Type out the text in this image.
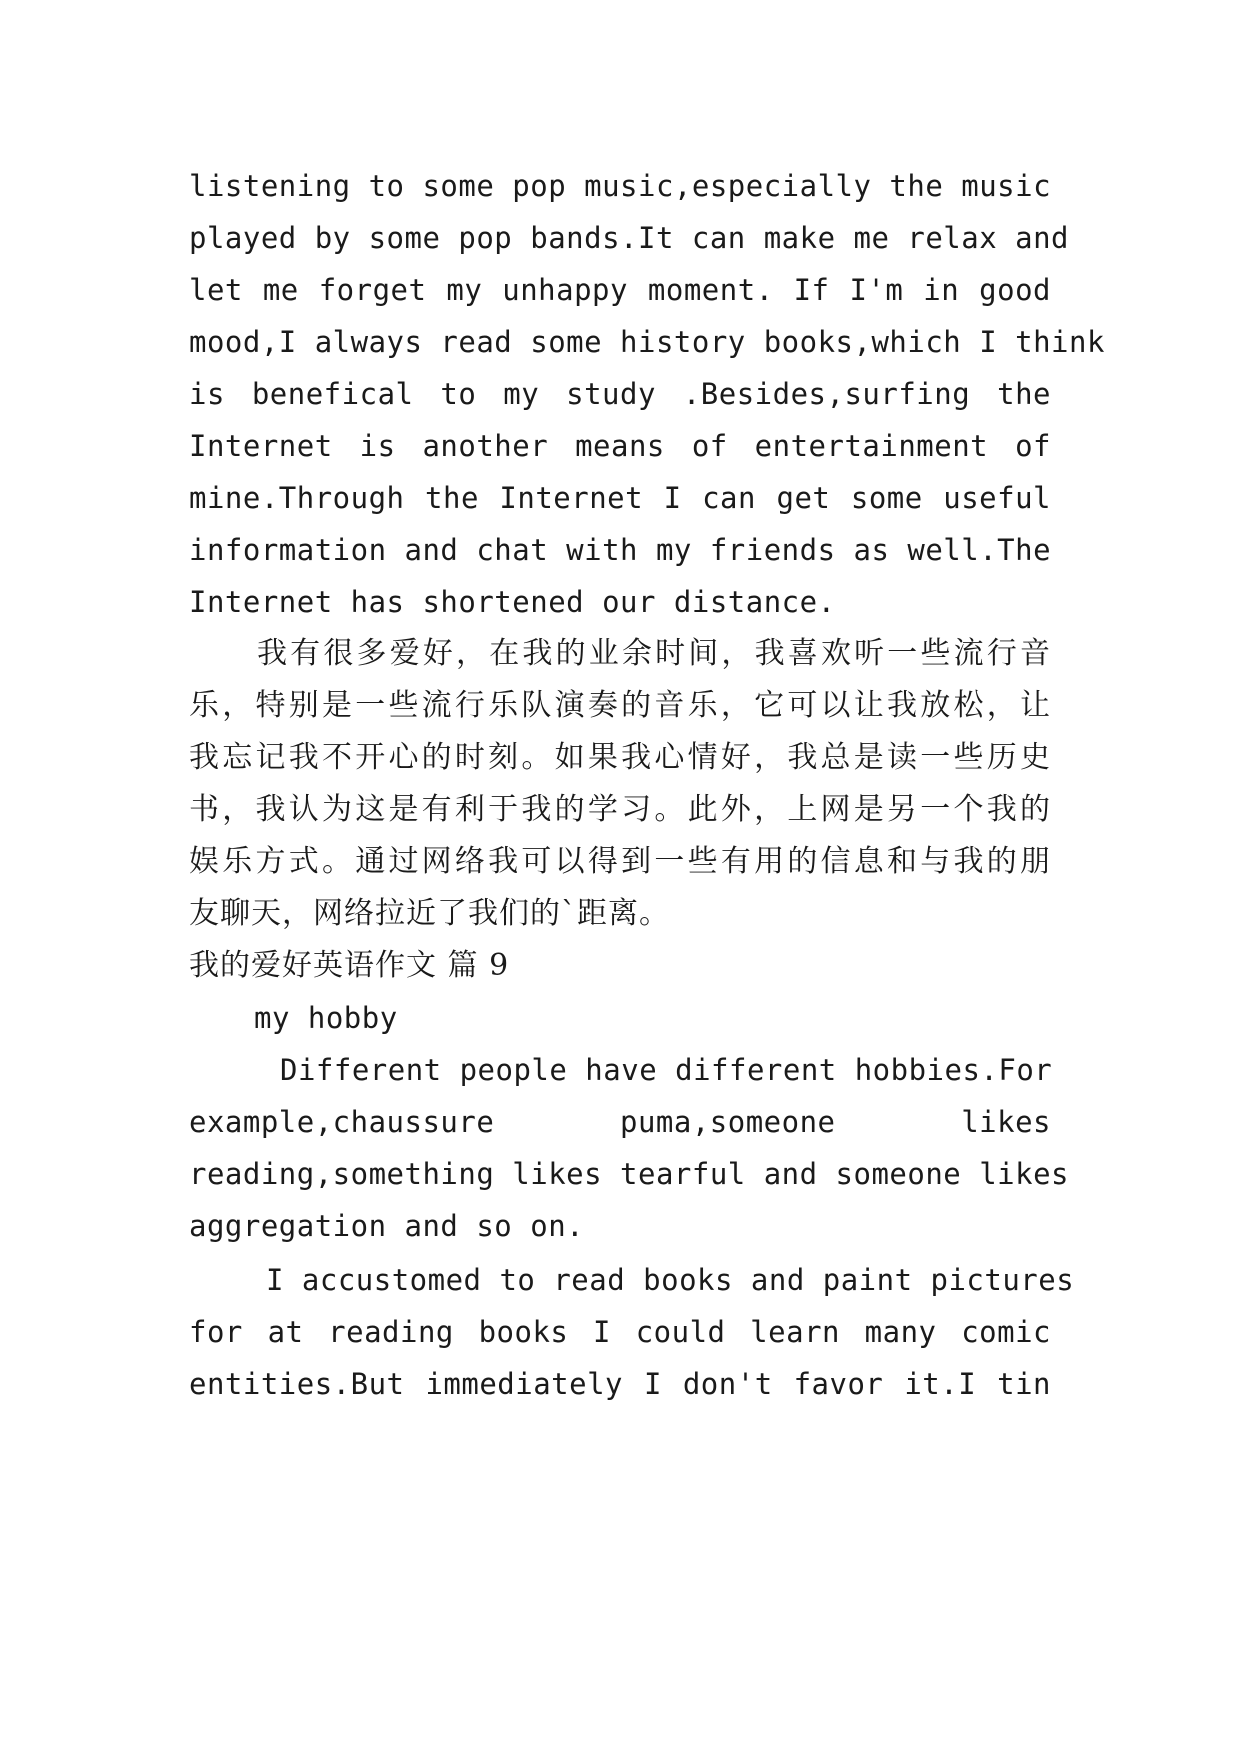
listening to some pop music,especially the music
played by some pop bands.It can make me relax and
let me forget my unhappy moment. If I'm in good
mood,I always read some history books,which I think
is benefical to my study .Besides,surfing the
Internet is another means of entertainment of
mine.Through the Internet I can get some useful
information and chat with my friends as well.The
Internet has shortened our distance.
我有很多爱好，在我的业余时间，我喜欢听一些流行音
乐，特别是一些流行乐队演奏的音乐，它可以让我放松，让
我忘记我不开心的时刻。如果我心情好，我总是读一些历史
书，我认为这是有利于我的学习。此外，上网是另一个我的
娱乐方式。通过网络我可以得到一些有用的信息和与我的朋
友聊天，网络拉近了我们的`距离。
我的爱好英语作文 篇 9
my hobby
Different people have different hobbies.For
example,chaussure puma,someone likes
reading,something likes tearful and someone likes
aggregation and so on.
I accustomed to read books and paint pictures
for at reading books I could learn many comic
entities.But immediately I don't favor it.I tin
